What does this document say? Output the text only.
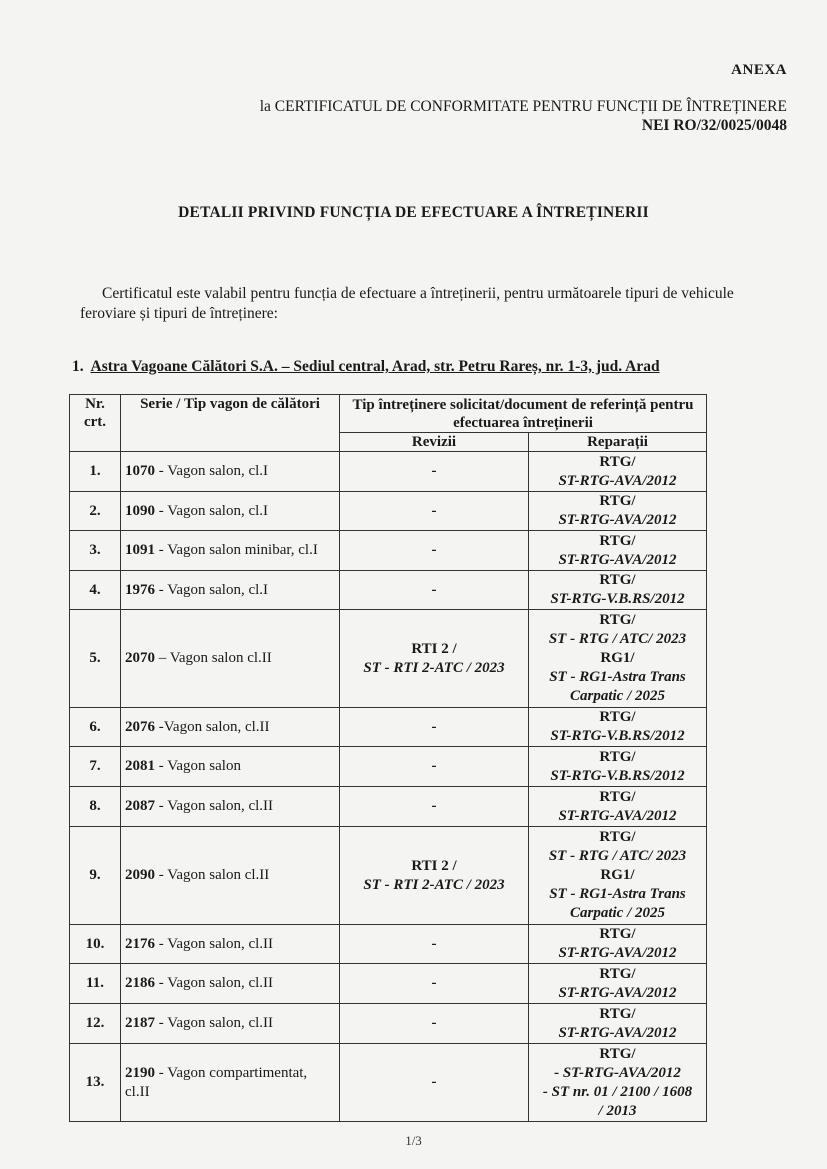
ANEXA
la CERTIFICATUL DE CONFORMITATE PENTRU FUNCȚII DE ÎNTREȚINERE
NEI RO/32/0025/0048
DETALII PRIVIND FUNCȚIA DE EFECTUARE A ÎNTREȚINERII
Certificatul este valabil pentru funcția de efectuare a întreținerii, pentru următoarele tipuri de vehicule
feroviare și tipuri de întreținere:
1. Astra Vagoane Călători S.A. – Sediul central, Arad, str. Petru Rareș, nr. 1-3, jud. Arad
Nr. crt.	Serie / Tip vagon de călători	Tip întreținere solicitat/document de referință pentru efectuarea întreținerii	
		Revizii	Reparații
1.	1070 - Vagon salon, cl.I	-	RTG/
ST-RTG-AVA/2012

2.	1090 - Vagon salon, cl.I	-	RTG/
ST-RTG-AVA/2012

3.	1091 - Vagon salon minibar, cl.I	-	RTG/
ST-RTG-AVA/2012

4.	1976 - Vagon salon, cl.I	-	RTG/
ST-RTG-V.B.RS/2012

5.	2070 – Vagon salon cl.II	RTI 2 /
ST - RTI 2-ATC / 2023	RTG/
ST - RTG / ATC/ 2023
RG1/
ST - RG1-Astra Trans
Carpatic / 2025

6.	2076 -Vagon salon, cl.II	-	RTG/
ST-RTG-V.B.RS/2012

7.	2081 - Vagon salon	-	RTG/
ST-RTG-V.B.RS/2012

8.	2087 - Vagon salon, cl.II	-	RTG/
ST-RTG-AVA/2012

9.	2090 - Vagon salon cl.II	RTI 2 /
ST - RTI 2-ATC / 2023	RTG/
ST - RTG / ATC/ 2023
RG1/
ST - RG1-Astra Trans
Carpatic / 2025

10.	2176 - Vagon salon, cl.II	-	RTG/
ST-RTG-AVA/2012

11.	2186 - Vagon salon, cl.II	-	RTG/
ST-RTG-AVA/2012

12.	2187 - Vagon salon, cl.II	-	RTG/
ST-RTG-AVA/2012

13.	2190 - Vagon compartimentat, cl.II	-	RTG/
- ST-RTG-AVA/2012
- ST nr. 01 / 2100 / 1608
/ 2013
1/3
